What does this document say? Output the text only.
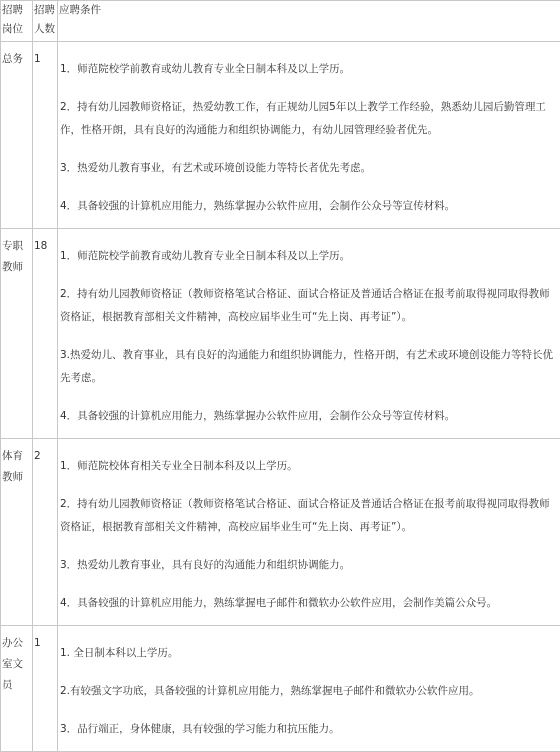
招聘岗位	招聘人数	应聘条件
总务	1	1．师范院校学前教育或幼儿教育专业全日制本科及以上学历。
2．持有幼儿园教师资格证，热爱幼教工作，有正规幼儿园5年以上教学工作经验，熟悉幼儿园后勤管理工作，性格开朗，具有良好的沟通能力和组织协调能力，有幼儿园管理经验者优先。
3．热爱幼儿教育事业，有艺术或环境创设能力等特长者优先考虑。
4．具备较强的计算机应用能力，熟练掌握办公软件应用，会制作公众号等宣传材料。

专职教师	18	1．师范院校学前教育或幼儿教育专业全日制本科及以上学历。
2．持有幼儿园教师资格证（教师资格笔试合格证、面试合格证及普通话合格证在报考前取得视同取得教师资格证，根据教育部相关文件精神，高校应届毕业生可“先上岗、再考证”）。
3.热爱幼儿、教育事业，具有良好的沟通能力和组织协调能力，性格开朗，有艺术或环境创设能力等特长优先考虑。
4．具备较强的计算机应用能力，熟练掌握办公软件应用，会制作公众号等宣传材料。

体育教师	2	1．师范院校体育相关专业全日制本科及以上学历。
2．持有幼儿园教师资格证（教师资格笔试合格证、面试合格证及普通话合格证在报考前取得视同取得教师资格证，根据教育部相关文件精神，高校应届毕业生可“先上岗、再考证”）。
3．热爱幼儿教育事业，具有良好的沟通能力和组织协调能力。
4．具备较强的计算机应用能力，熟练掌握电子邮件和微软办公软件应用，会制作美篇公众号。

办公室文员	1	1. 全日制本科以上学历。
2.有较强文字功底，具备较强的计算机应用能力，熟练掌握电子邮件和微软办公软件应用。
3．品行端正，身体健康，具有较强的学习能力和抗压能力。
